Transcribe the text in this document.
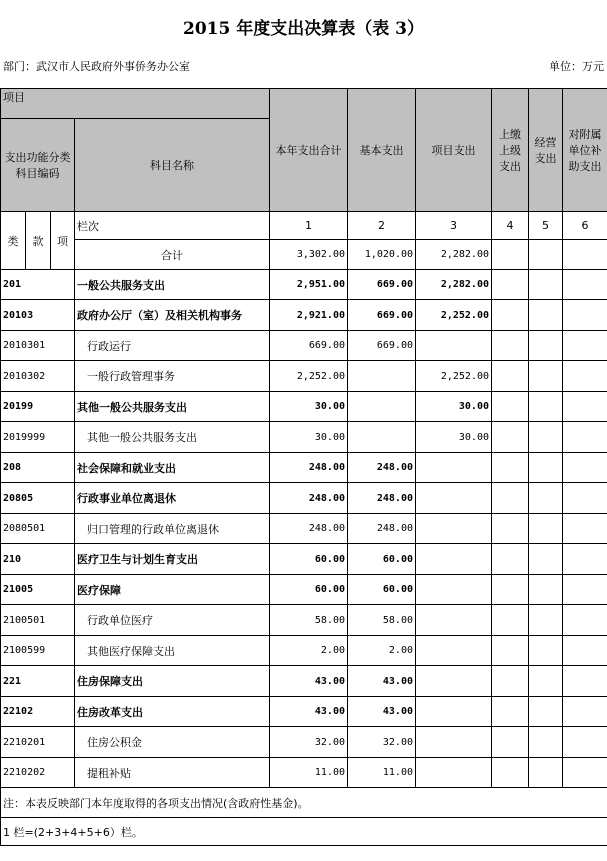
2015 年度支出决算表（表 3）
部门：武汉市人民政府外事侨务办公室	单位：万元
项目				本年支出合计	基本支出	项目支出	上缴上级支出	经营支出	对附属单位补助支出
支出功能分类科目编码			科目名称						
类	款	项	栏次	1	2	3	4	5	6
			合计	3,302.00	1,020.00	2,282.00			
201			一般公共服务支出	2,951.00	669.00	2,282.00			
20103			政府办公厅（室）及相关机构事务	2,921.00	669.00	2,252.00			
2010301			行政运行	669.00	669.00				
2010302			一般行政管理事务	2,252.00		2,252.00			
20199			其他一般公共服务支出	30.00		30.00			
2019999			其他一般公共服务支出	30.00		30.00			
208			社会保障和就业支出	248.00	248.00				
20805			行政事业单位离退休	248.00	248.00				
2080501			归口管理的行政单位离退休	248.00	248.00				
210			医疗卫生与计划生育支出	60.00	60.00				
21005			医疗保障	60.00	60.00				
2100501			行政单位医疗	58.00	58.00				
2100599			其他医疗保障支出	2.00	2.00				
221			住房保障支出	43.00	43.00				
22102			住房改革支出	43.00	43.00				
2210201			住房公积金	32.00	32.00				
2210202			提租补贴	11.00	11.00				
注：本表反映部门本年度取得的各项支出情况(含政府性基金)。									
1 栏=(2+3+4+5+6）栏。									
